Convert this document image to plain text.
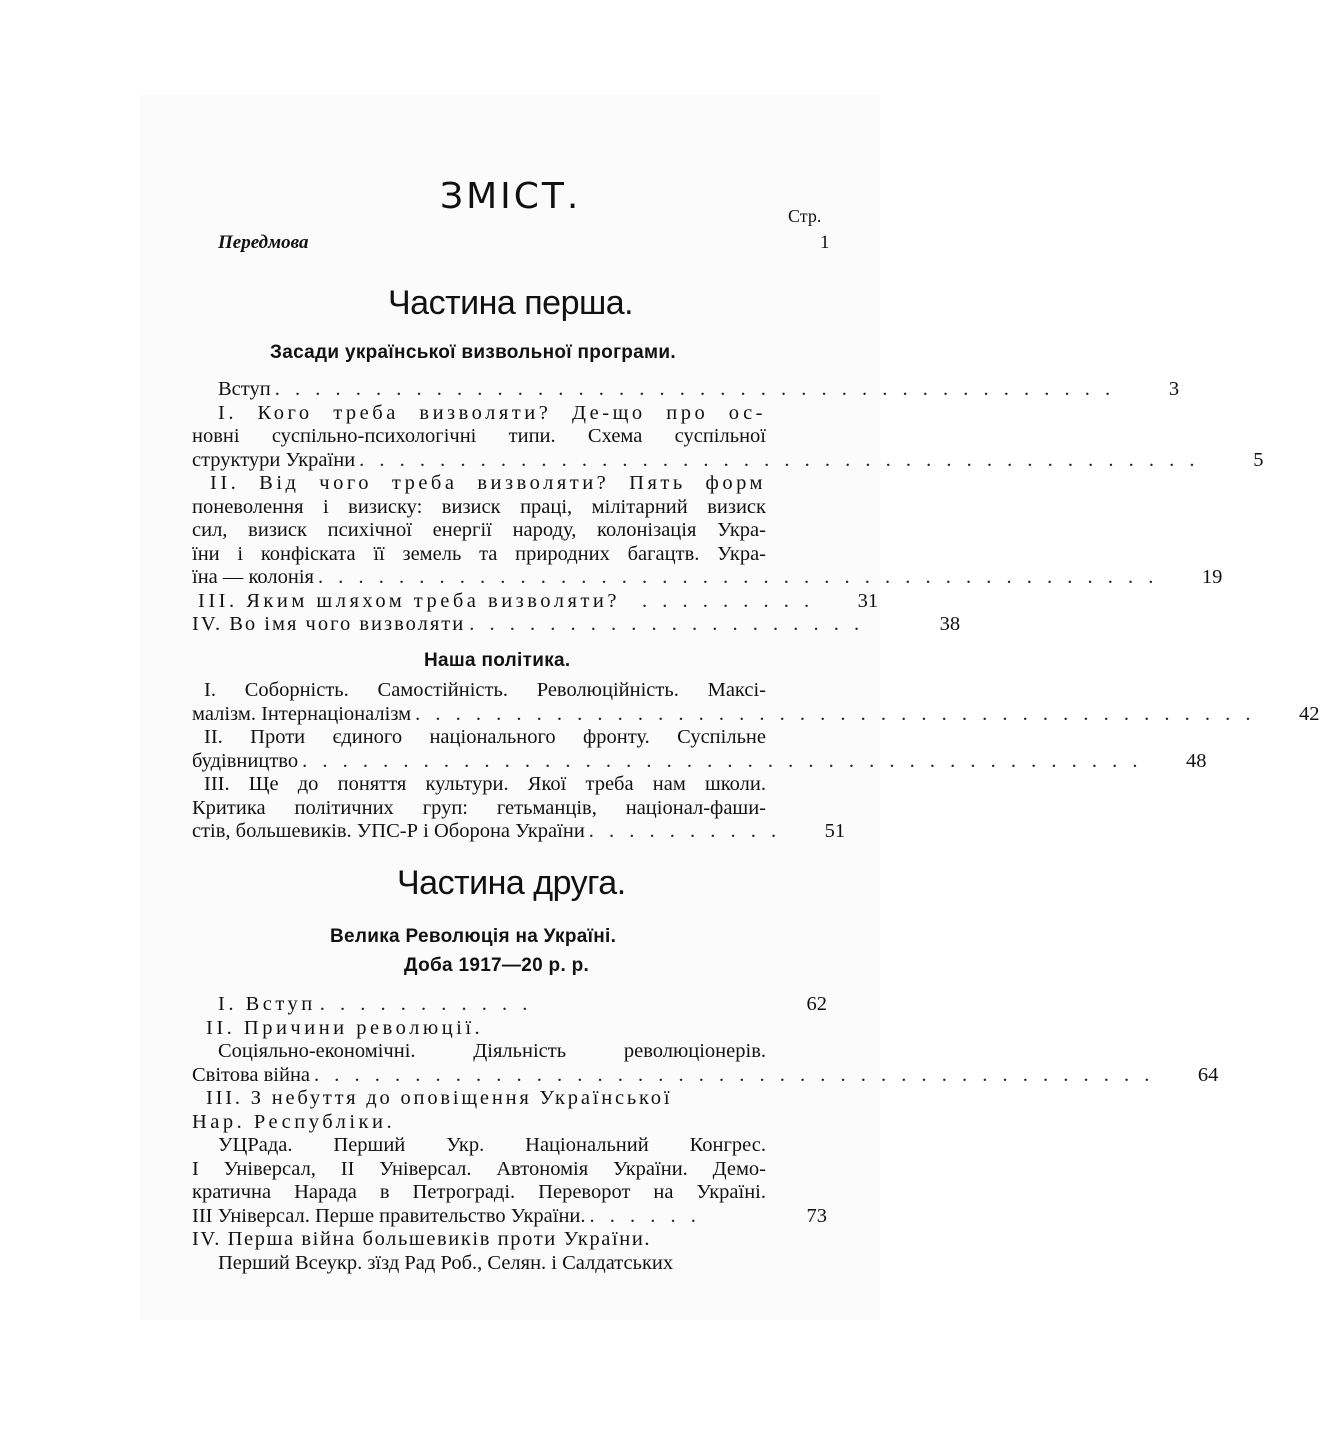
ЗМІСТ.	Стр.
Передмова	1
Частина перша.
Засади української визвольної програми.
Вступ . . . . . . . . . . . . . . . . . . . . . . . . . . . . . . . . . . . . . . . . . .	3
І. Кого треба визволяти? Де-що про ос-
новні суспільно-психологічні типи. Схема суспільної
структури України . . . . . . . . . . . . . . . . . . . . . . . . . . . . . . . . . . . . . . . . . .	5
II. Від чого треба визволяти? Пять форм
поневолення і визиску: визиск праці, мілітарний визиск
сил, визиск психічної енергії народу, колонізація Укра-
їни і конфіската її земель та природних багацтв. Укра-
їна — колонія . . . . . . . . . . . . . . . . . . . . . . . . . . . . . . . . . . . . . . . . . .	19
III. Яким шляхом треба визволяти?	. . . . . . . . .	31
IV. Во імя чого визволяти . . . . . . . . . . . . . . . . . . . .	38
Наша політика.
І. Соборність. Самостійність. Революційність. Максі-
малізм. Інтернаціоналізм . . . . . . . . . . . . . . . . . . . . . . . . . . . . . . . . . . . . . . . . . .	42
II. Проти єдиного національного фронту. Суспільне
будівництво . . . . . . . . . . . . . . . . . . . . . . . . . . . . . . . . . . . . . . . . . .	48
III. Ще до поняття культури. Якої треба нам школи.
Критика політичних груп: гетьманців, націонал-фаши-
стів, большевиків. УПС-Р і Оборона України . . . . . . . . . .	51
Частина друга.
Велика Революція на Україні.
Доба 1917—20 р. р.
І. Вступ . . . . . . . . . . .	62
II. Причини революції.
Соціяльно-економічні. Діяльність революціонерів.
Світова війна . . . . . . . . . . . . . . . . . . . . . . . . . . . . . . . . . . . . . . . . . .	64
III. З небуття до оповіщення Української
Нар. Республіки.
УЦРада. Перший Укр. Національний Конгрес.
І Універсал, II Універсал. Автономія України. Демо-
кратична Нарада в Петрограді. Переворот на Україні.
III Універсал. Перше правительство України. . . . . . .	73
IV. Перша війна большевиків проти України.
Перший Всеукр. зїзд Рад Роб., Селян. і Салдатських
